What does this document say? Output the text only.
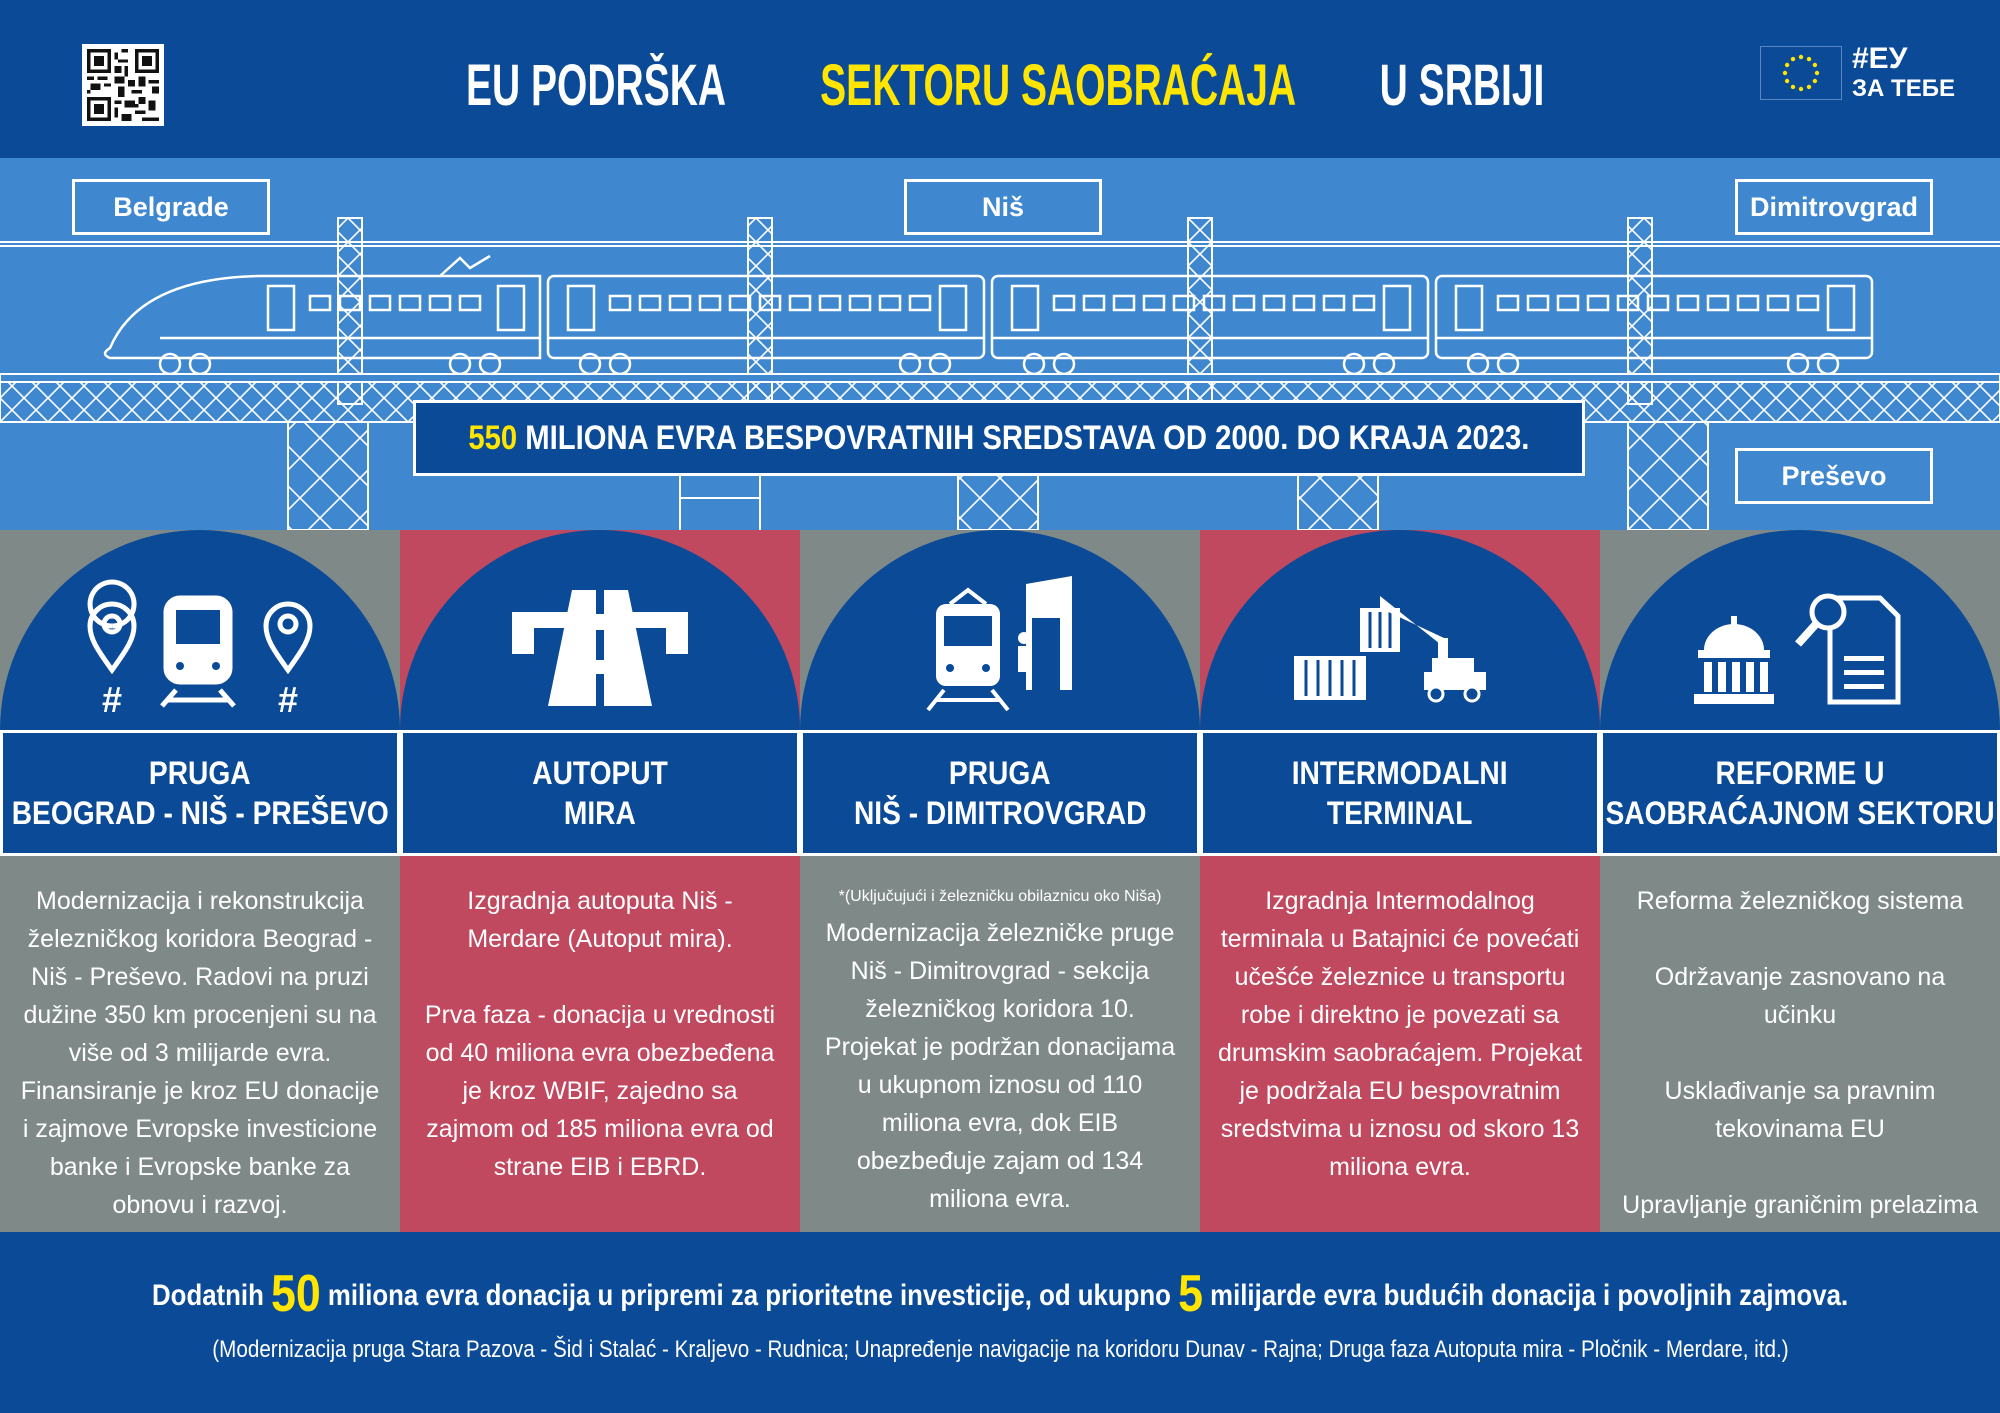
EU PODRŠKA SEKTORU SAOBRAĆAJA U SRBIJI	#ЕУ
ЗА ТЕБЕ
Belgrade	Niš	Dimitrovgrad
Preševo
550 MILIONA EVRA BESPOVRATNIH SREDSTAVA OD 2000. DO KRAJA 2023.
#	#
PRUGA
BEOGRAD - NIŠ - PREŠEVO

Modernizacija i rekonstrukcija železničkog koridora Beograd - Niš - Preševo. Radovi na pruzi dužine 350 km procenjeni su na više od 3 milijarde evra. Finansiranje je kroz EU donacije i zajmove Evropske investicione banke i Evropske banke za obnovu i razvoj.

AUTOPUT
MIRA

Izgradnja autoputa Niš - Merdare (Autoput mira).

Prva faza - donacija u vrednosti od 40 miliona evra obezbeđena je kroz WBIF, zajedno sa zajmom od 185 miliona evra od strane EIB i EBRD.

PRUGA
NIŠ - DIMITROVGRAD

*(Uključujući i železničku obilaznicu oko Niša)

Modernizacija železničke pruge Niš - Dimitrovgrad - sekcija železničkog koridora 10. Projekat je podržan donacijama u ukupnom iznosu od 110 miliona evra, dok EIB obezbeđuje zajam od 134 miliona evra.

INTERMODALNI
TERMINAL

Izgradnja Intermodalnog terminala u Batajnici će povećati učešće železnice u transportu robe i direktno je povezati sa drumskim saobraćajem. Projekat je podržala EU bespovratnim sredstvima u iznosu od skoro 13 miliona evra.

REFORME U
SAOBRAĆAJNOM SEKTORU

Reforma železničkog sistema

Održavanje zasnovano na učinku

Usklađivanje sa pravnim tekovinama EU

Upravljanje graničnim prelazima

Dodatnih 50 miliona evra donacija u pripremi za prioritetne investicije, od ukupno 5 milijarde evra budućih donacija i povoljnih zajmova.
(Modernizacija pruga Stara Pazova - Šid i Stalać - Kraljevo - Rudnica; Unapređenje navigacije na koridoru Dunav - Rajna; Druga faza Autoputa mira - Pločnik - Merdare, itd.)
